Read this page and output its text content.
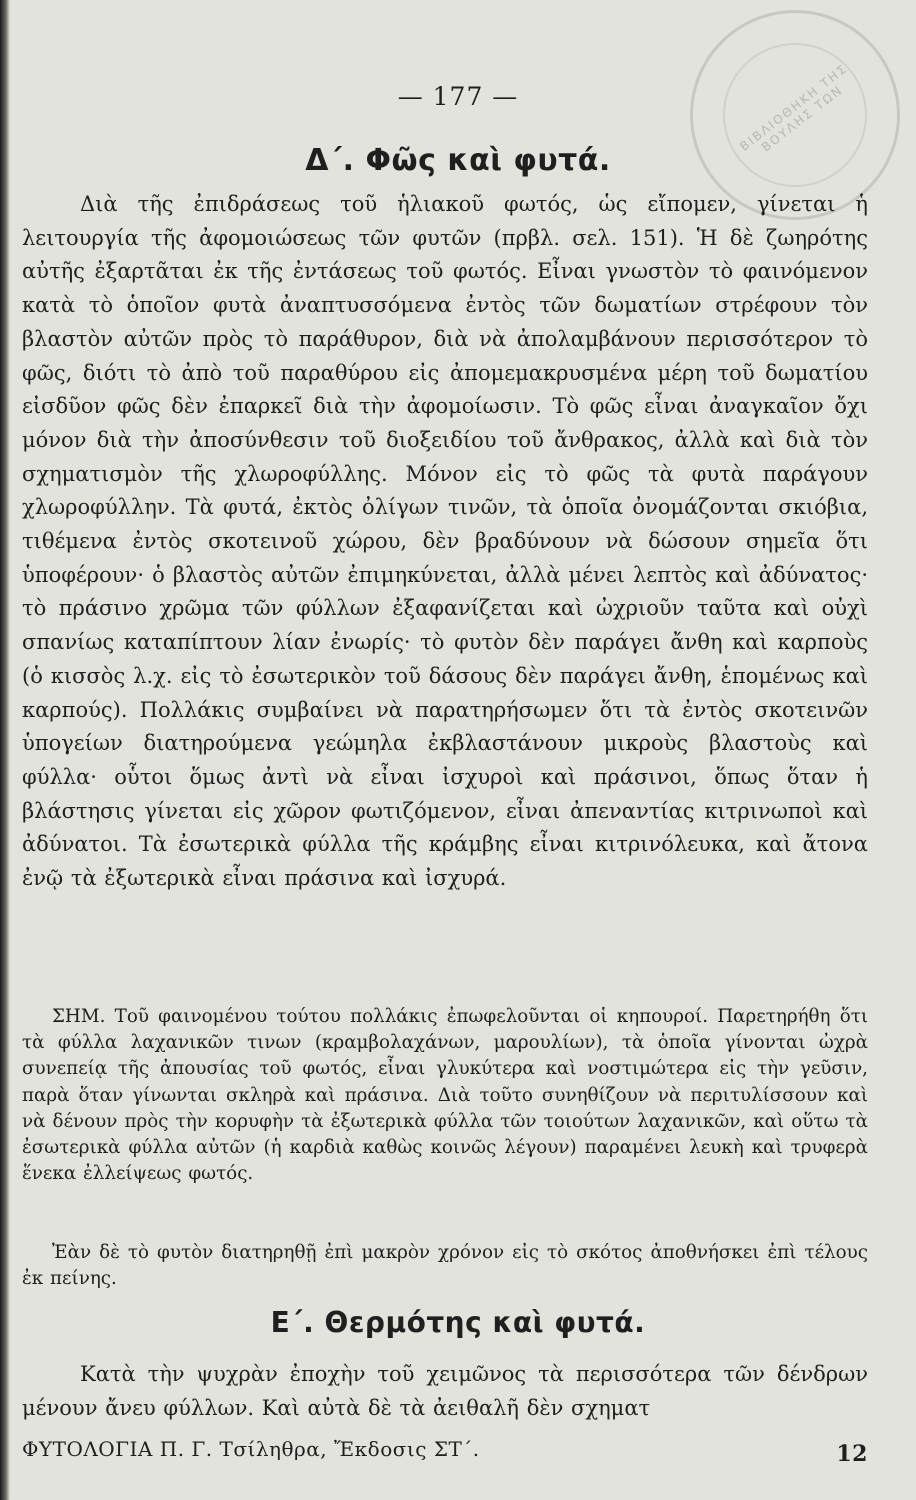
ΒΙΒΛΙΟΘΗΚΗ ΤΗΣ ΒΟΥΛΗΣ ΤΩΝ
— 177 —
Δ΄. Φῶς καὶ φυτά.
Διὰ τῆς ἐπιδράσεως τοῦ ἡλιακοῦ φωτός, ὡς εἴπομεν, γίνεται ἡ λειτουργία τῆς ἀφομοιώσεως τῶν φυτῶν (πρβλ. σελ. 151). Ἡ δὲ ζωηρότης αὐτῆς ἐξαρτᾶται ἐκ τῆς ἐντάσεως τοῦ φωτός. Εἶναι γνωστὸν τὸ φαινόμενον κατὰ τὸ ὁποῖον φυτὰ ἀναπτυσσόμενα ἐντὸς τῶν δωματίων στρέφουν τὸν βλαστὸν αὐτῶν πρὸς τὸ παράθυρον, διὰ νὰ ἀπολαμβάνουν περισσότερον τὸ φῶς, διότι τὸ ἀπὸ τοῦ παραθύρου εἰς ἀπομεμακρυσμένα μέρη τοῦ δωματίου εἰσδῦον φῶς δὲν ἐπαρκεῖ διὰ τὴν ἀφομοίωσιν. Τὸ φῶς εἶναι ἀναγκαῖον ὄχι μόνον διὰ τὴν ἀποσύνθεσιν τοῦ διοξειδίου τοῦ ἄνθρακος, ἀλλὰ καὶ διὰ τὸν σχηματισμὸν τῆς χλωροφύλλης. Μόνον εἰς τὸ φῶς τὰ φυτὰ παράγουν χλωροφύλλην. Τὰ φυτά, ἐκτὸς ὀλίγων τινῶν, τὰ ὁποῖα ὀνομάζονται σκιόβια, τιθέμενα ἐντὸς σκοτεινοῦ χώρου, δὲν βραδύνουν νὰ δώσουν σημεῖα ὅτι ὑποφέρουν· ὁ βλαστὸς αὐτῶν ἐπιμηκύνεται, ἀλλὰ μένει λεπτὸς καὶ ἀδύνατος· τὸ πράσινο χρῶμα τῶν φύλλων ἐξαφανίζεται καὶ ὠχριοῦν ταῦτα καὶ οὐχὶ σπανίως καταπίπτουν λίαν ἐνωρίς· τὸ φυτὸν δὲν παράγει ἄνθη καὶ καρποὺς (ὁ κισσὸς λ.χ. εἰς τὸ ἐσωτερικὸν τοῦ δάσους δὲν παράγει ἄνθη, ἑπομένως καὶ καρπούς). Πολλάκις συμβαίνει νὰ παρατηρήσωμεν ὅτι τὰ ἐντὸς σκοτεινῶν ὑπογείων διατηρούμενα γεώμηλα ἐκβλαστάνουν μικροὺς βλαστοὺς καὶ φύλλα· οὗτοι ὅμως ἀντὶ νὰ εἶναι ἰσχυροὶ καὶ πράσινοι, ὅπως ὅταν ἡ βλάστησις γίνεται εἰς χῶρον φωτιζόμενον, εἶναι ἀπεναντίας κιτρινωποὶ καὶ ἀδύνατοι. Τὰ ἐσωτερικὰ φύλλα τῆς κράμβης εἶναι κιτρινόλευκα, καὶ ἄτονα ἐνῷ τὰ ἐξωτερικὰ εἶναι πράσινα καὶ ἰσχυρά.
ΣΗΜ. Τοῦ φαινομένου τούτου πολλάκις ἐπωφελοῦνται οἱ κηπουροί. Παρετηρήθη ὅτι τὰ φύλλα λαχανικῶν τινων (κραμβολαχάνων, μαρουλίων), τὰ ὁποῖα γίνονται ὠχρὰ συνεπείᾳ τῆς ἀπουσίας τοῦ φωτός, εἶναι γλυκύτερα καὶ νοστιμώτερα εἰς τὴν γεῦσιν, παρὰ ὅταν γίνωνται σκληρὰ καὶ πράσινα. Διὰ τοῦτο συνηθίζουν νὰ περιτυλίσσουν καὶ νὰ δένουν πρὸς τὴν κορυφὴν τὰ ἐξωτερικὰ φύλλα τῶν τοιούτων λαχανικῶν, καὶ οὕτω τὰ ἐσωτερικὰ φύλλα αὐτῶν (ἡ καρδιὰ καθὼς κοινῶς λέγουν) παραμένει λευκὴ καὶ τρυφερὰ ἕνεκα ἐλλείψεως φωτός.
Ἐὰν δὲ τὸ φυτὸν διατηρηθῇ ἐπὶ μακρὸν χρόνον εἰς τὸ σκότος ἀποθνήσκει ἐπὶ τέλους ἐκ πείνης.
Ε΄. Θερμότης καὶ φυτά.
Κατὰ τὴν ψυχρὰν ἐποχὴν τοῦ χειμῶνος τὰ περισσότερα τῶν δένδρων μένουν ἄνευ φύλλων. Καὶ αὐτὰ δὲ τὰ ἀειθαλῆ δὲν σχηματ
ΦΥΤΟΛΟΓΙΑ Π. Γ. Τσίληθρα, Ἔκδοσις ΣΤ΄.	12
